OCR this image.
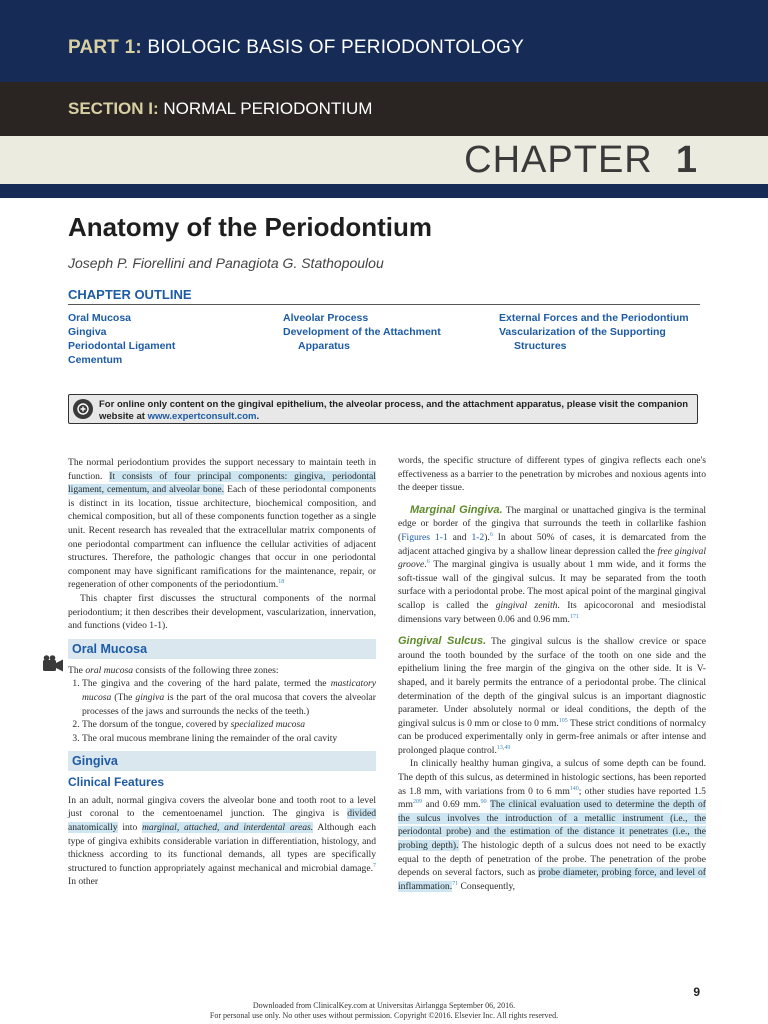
PART 1: BIOLOGIC BASIS OF PERIODONTOLOGY
SECTION I: NORMAL PERIODONTIUM
CHAPTER 1
Anatomy of the Periodontium
Joseph P. Fiorellini and Panagiota G. Stathopoulou
CHAPTER OUTLINE
Oral Mucosa
Gingiva
Periodontal Ligament
Cementum
Alveolar Process
Development of the Attachment Apparatus
External Forces and the Periodontium
Vascularization of the Supporting Structures
For online only content on the gingival epithelium, the alveolar process, and the attachment apparatus, please visit the companion website at www.expertconsult.com.

The normal periodontium provides the support necessary to maintain teeth in function. It consists of four principal components: gingiva, periodontal ligament, cementum, and alveolar bone. Each of these periodontal components is distinct in its location, tissue architecture, biochemical composition, and chemical composition, but all of these components function together as a single unit. Recent research has revealed that the extracellular matrix components of one periodontal compartment can influence the cellular activities of adjacent structures. Therefore, the pathologic changes that occur in one periodontal component may have significant ramifications for the maintenance, repair, or regeneration of other components of the periodontium.$^{18}$

This chapter first discusses the structural components of the normal periodontium; it then describes their development, vascularization, innervation, and functions (video 1-1).

Oral Mucosa

The oral mucosa consists of the following three zones:

1. The gingiva and the covering of the hard palate, termed the masticatory mucosa (The gingiva is the part of the oral mucosa that covers the alveolar processes of the jaws and surrounds the necks of the teeth.)
2. The dorsum of the tongue, covered by specialized mucosa
3. The oral mucous membrane lining the remainder of the oral cavity
Gingiva
Clinical Features

In an adult, normal gingiva covers the alveolar bone and tooth root to a level just coronal to the cementoenamel junction. The gingiva is divided anatomically into marginal, attached, and interdental areas. Although each type of gingiva exhibits considerable variation in differentiation, histology, and thickness according to its functional demands, all types are specifically structured to function appropriately against mechanical and microbial damage.$^7$ In other

words, the specific structure of different types of gingiva reflects each one's effectiveness as a barrier to the penetration by microbes and noxious agents into the deeper tissue.

Marginal Gingiva. The marginal or unattached gingiva is the terminal edge or border of the gingiva that surrounds the teeth in collarlike fashion (Figures 1-1 and 1-2).$^6$ In about 50% of cases, it is demarcated from the adjacent attached gingiva by a shallow linear depression called the free gingival groove.$^6$ The marginal gingiva is usually about 1 mm wide, and it forms the soft-tissue wall of the gingival sulcus. It may be separated from the tooth surface with a periodontal probe. The most apical point of the marginal gingival scallop is called the gingival zenith. Its apicocoronal and mesiodistal dimensions vary between 0.06 and 0.96 mm.$^{171}$

Gingival Sulcus. The gingival sulcus is the shallow crevice or space around the tooth bounded by the surface of the tooth on one side and the epithelium lining the free margin of the gingiva on the other side. It is V-shaped, and it barely permits the entrance of a periodontal probe. The clinical determination of the depth of the gingival sulcus is an important diagnostic parameter. Under absolutely normal or ideal conditions, the depth of the gingival sulcus is 0 mm or close to 0 mm.$^{105}$ These strict conditions of normalcy can be produced experimentally only in germ-free animals or after intense and prolonged plaque control.$^{13,49}$

In clinically healthy human gingiva, a sulcus of some depth can be found. The depth of this sulcus, as determined in histologic sections, has been reported as 1.8 mm, with variations from 0 to 6 $mm^{140}$; other studies have reported 1.5 $mm^{209}$ and 0.69 mm.$^{90}$ The clinical evaluation used to determine the depth of the sulcus involves the introduction of a metallic instrument (i.e., the periodontal probe) and the estimation of the distance it penetrates (i.e., the probing depth). The histologic depth of a sulcus does not need to be exactly equal to the depth of penetration of the probe. The penetration of the probe depends on several factors, such as probe diameter, probing force, and level of inflammation.$^{71}$ Consequently,

9
Downloaded from ClinicalKey.com at Universitas Airlangga September 06, 2016.
For personal use only. No other uses without permission. Copyright ©2016. Elsevier Inc. All rights reserved.
